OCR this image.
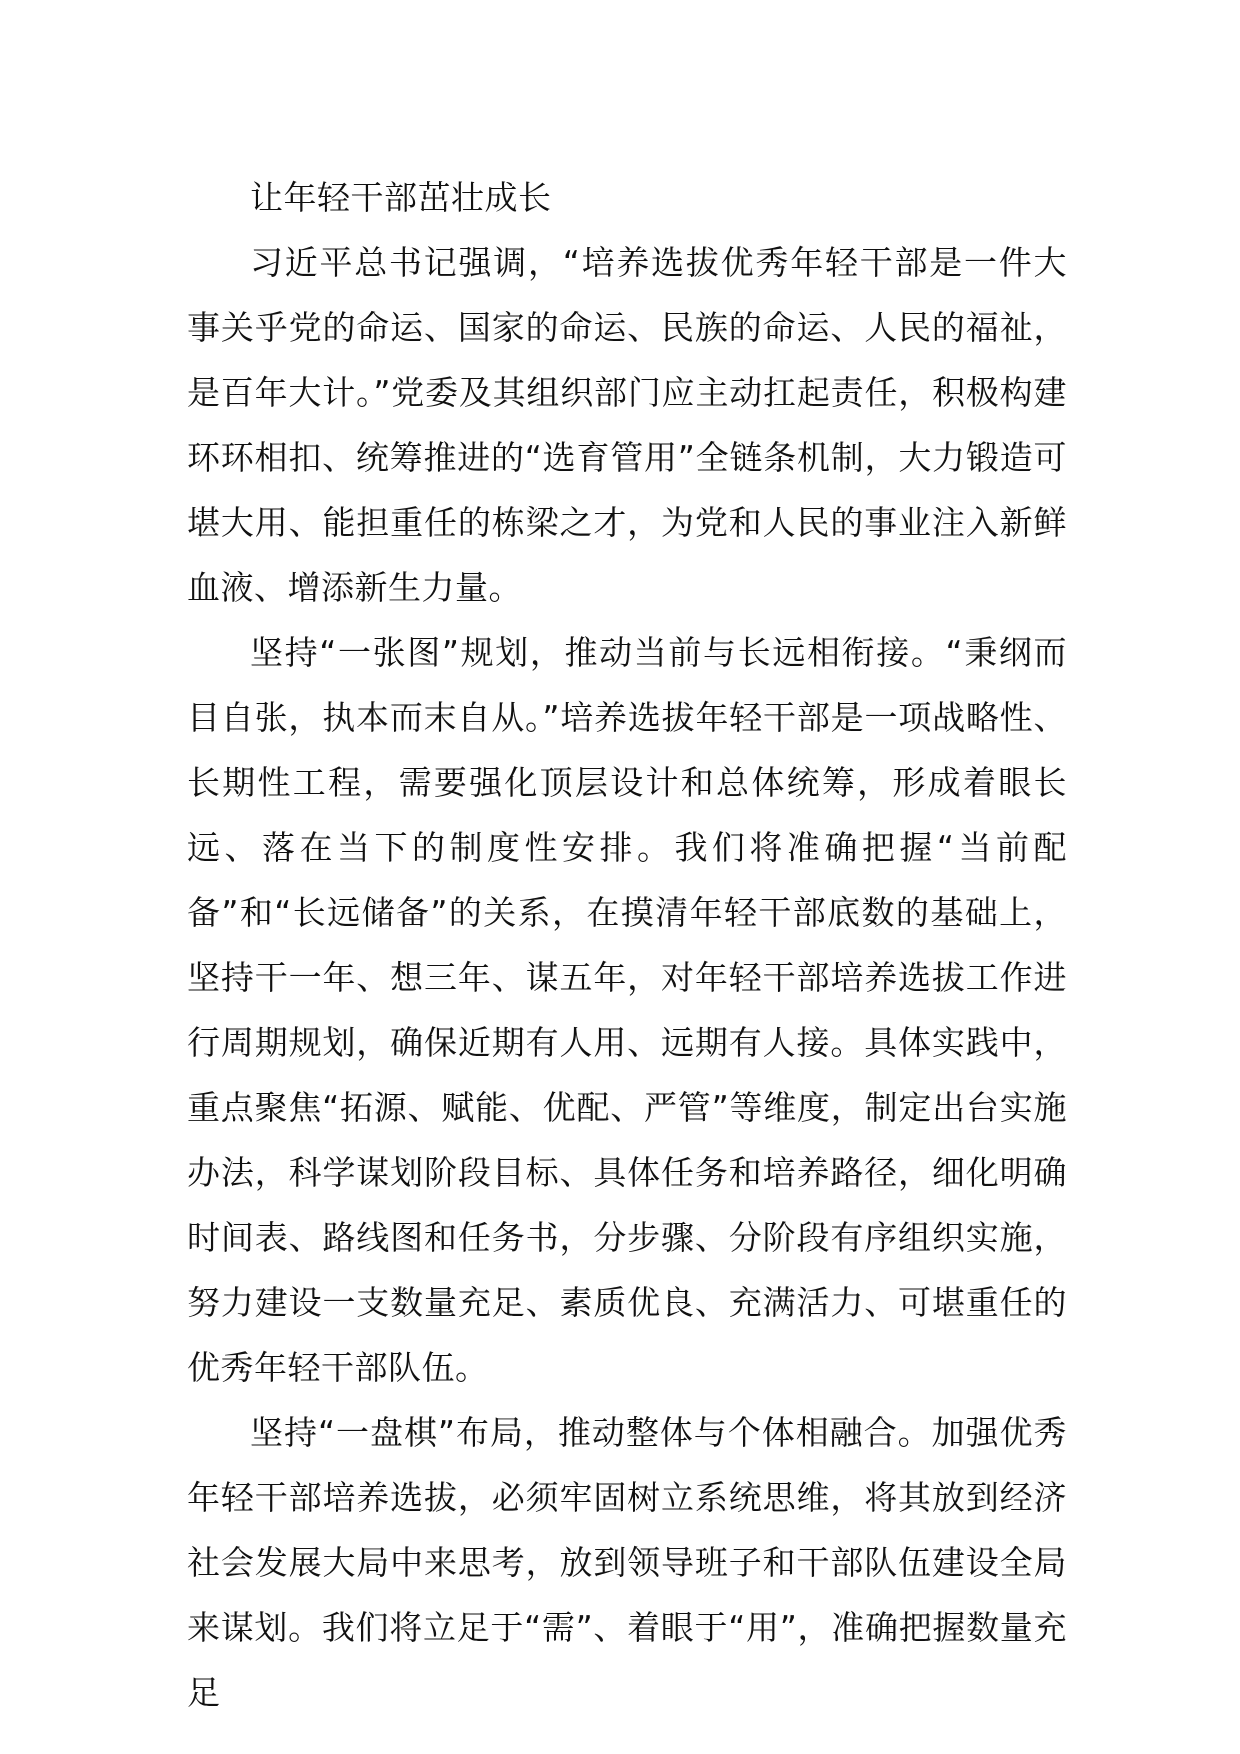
让年轻干部茁壮成长

习近平总书记强调，“培养选拔优秀年轻干部是一件大事关乎党的命运、国家的命运、民族的命运、人民的福祉，是百年大计。”党委及其组织部门应主动扛起责任，积极构建环环相扣、统筹推进的“选育管用”全链条机制，大力锻造可堪大用、能担重任的栋梁之才，为党和人民的事业注入新鲜血液、增添新生力量。

坚持“一张图”规划，推动当前与长远相衔接。“秉纲而目自张，执本而末自从。”培养选拔年轻干部是一项战略性、长期性工程，需要强化顶层设计和总体统筹，形成着眼长远、落在当下的制度性安排。我们将准确把握“当前配备”和“长远储备”的关系，在摸清年轻干部底数的基础上，坚持干一年、想三年、谋五年，对年轻干部培养选拔工作进行周期规划，确保近期有人用、远期有人接。具体实践中，重点聚焦“拓源、赋能、优配、严管”等维度，制定出台实施办法，科学谋划阶段目标、具体任务和培养路径，细化明确时间表、路线图和任务书，分步骤、分阶段有序组织实施，努力建设一支数量充足、素质优良、充满活力、可堪重任的优秀年轻干部队伍。

坚持“一盘棋”布局，推动整体与个体相融合。加强优秀年轻干部培养选拔，必须牢固树立系统思维，将其放到经济社会发展大局中来思考，放到领导班子和干部队伍建设全局来谋划。我们将立足于“需”、着眼于“用”，准确把握数量充足
